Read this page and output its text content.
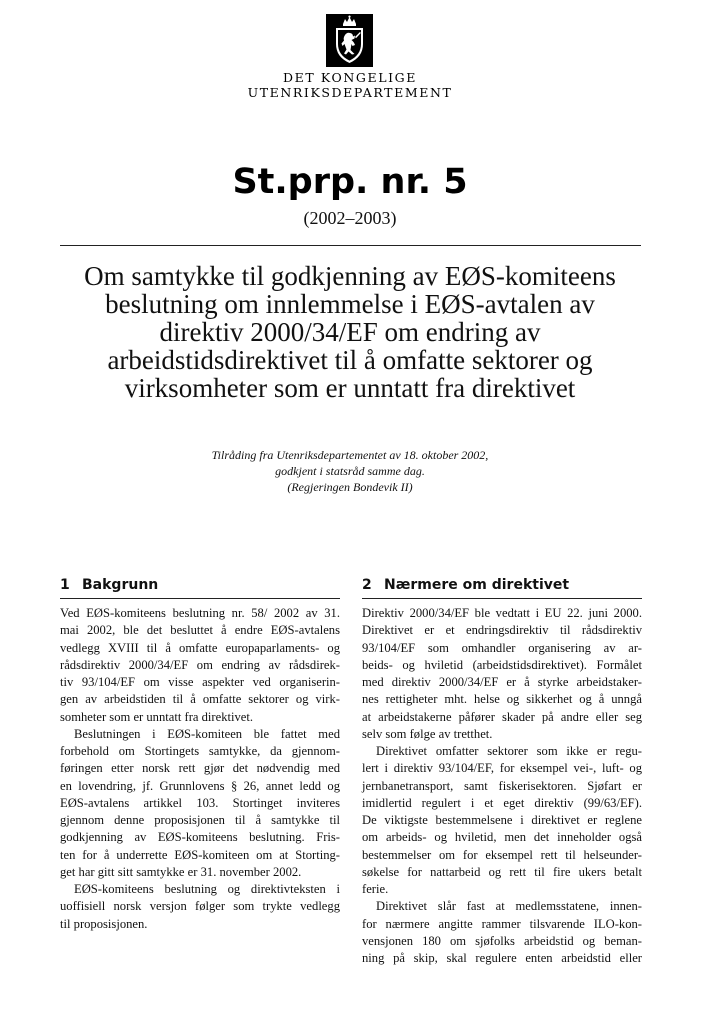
DET KONGELIGE
UTENRIKSDEPARTEMENT
St.prp. nr. 5
(2002–2003)
Om samtykke til godkjenning av EØS-komiteens
beslutning om innlemmelse i EØS-avtalen av
direktiv 2000/34/EF om endring av
arbeidstidsdirektivet til å omfatte sektorer og
virksomheter som er unntatt fra direktivet
Tilråding fra Utenriksdepartementet av 18. oktober 2002,
godkjent i statsråd samme dag.
(Regjeringen Bondevik II)
1 Bakgrunn	2 Nærmere om direktivet
Ved EØS-komiteens beslutning nr. 58/ 2002 av 31.
mai 2002, ble det besluttet å endre EØS-avtalens
vedlegg XVIII til å omfatte europaparlaments- og
rådsdirektiv 2000/34/EF om endring av rådsdirek-
tiv 93/104/EF om visse aspekter ved organiserin-
gen av arbeidstiden til å omfatte sektorer og virk-
somheter som er unntatt fra direktivet.
Beslutningen i EØS-komiteen ble fattet med
forbehold om Stortingets samtykke, da gjennom-
føringen etter norsk rett gjør det nødvendig med
en lovendring, jf. Grunnlovens § 26, annet ledd og
EØS-avtalens artikkel 103. Stortinget inviteres
gjennom denne proposisjonen til å samtykke til
godkjenning av EØS-komiteens beslutning. Fris-
ten for å underrette EØS-komiteen om at Storting-
get har gitt sitt samtykke er 31. november 2002.
EØS-komiteens beslutning og direktivteksten i
uoffisiell norsk versjon følger som trykte vedlegg
til proposisjonen.
Direktiv 2000/34/EF ble vedtatt i EU 22. juni 2000.
Direktivet er et endringsdirektiv til rådsdirektiv
93/104/EF som omhandler organisering av ar-
beids- og hviletid (arbeidstidsdirektivet). Formålet
med direktiv 2000/34/EF er å styrke arbeidstaker-
nes rettigheter mht. helse og sikkerhet og å unngå
at arbeidstakerne påfører skader på andre eller seg
selv som følge av tretthet.
Direktivet omfatter sektorer som ikke er regu-
lert i direktiv 93/104/EF, for eksempel vei-, luft- og
jernbanetransport, samt fiskerisektoren. Sjøfart er
imidlertid regulert i et eget direktiv (99/63/EF).
De viktigste bestemmelsene i direktivet er reglene
om arbeids- og hviletid, men det inneholder også
bestemmelser om for eksempel rett til helseunder-
søkelse for nattarbeid og rett til fire ukers betalt
ferie.
Direktivet slår fast at medlemsstatene, innen-
for nærmere angitte rammer tilsvarende ILO-kon-
vensjonen 180 om sjøfolks arbeidstid og beman-
ning på skip, skal regulere enten arbeidstid eller
